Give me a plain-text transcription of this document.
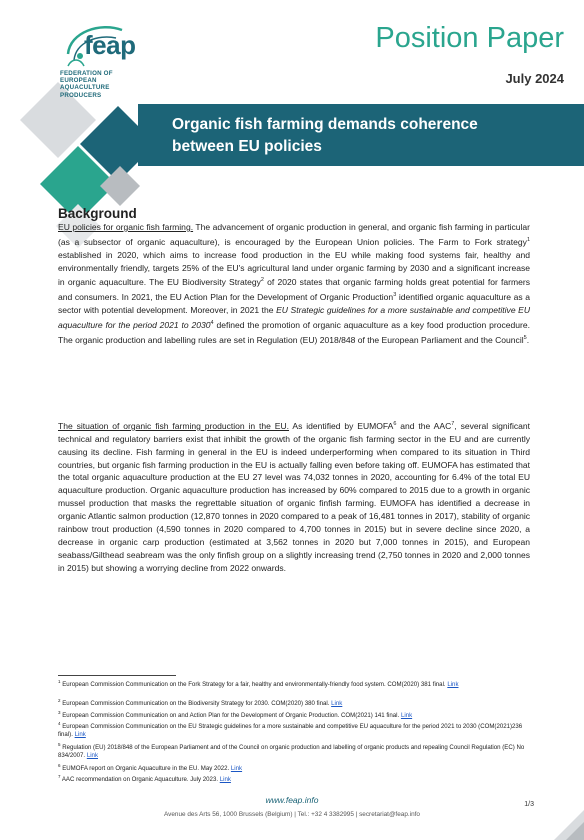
feap
FEDERATION OF
EUROPEAN
AQUACULTURE
PRODUCERS
Position Paper
July 2024
Organic fish farming demands coherence
between EU policies
Background
EU policies for organic fish farming. The advancement of organic production in general, and organic fish farming in particular (as a subsector of organic aquaculture), is encouraged by the European Union policies. The Farm to Fork strategy$^1$ established in 2020, which aims to increase food production in the EU while making food systems fair, healthy and environmentally friendly, targets 25% of the EU's agricultural land under organic farming by 2030 and a significant increase in organic aquaculture. The EU Biodiversity Strategy$^2$ of 2020 states that organic farming holds great potential for farmers and consumers. In 2021, the EU Action Plan for the Development of Organic Production$^3$ identified organic aquaculture as a sector with potential development. Moreover, in 2021 the EU Strategic guidelines for a more sustainable and competitive EU aquaculture for the period 2021 to 2030$^4$ defined the promotion of organic aquaculture as a key food production procedure. The organic production and labelling rules are set in Regulation (EU) 2018/848 of the European Parliament and the Council$^5$.
The situation of organic fish farming production in the EU. As identified by EUMOFA$^6$ and the AAC$^7$, several significant technical and regulatory barriers exist that inhibit the growth of the organic fish farming sector in the EU and are currently causing its decline. Fish farming in general in the EU is indeed underperforming when compared to its situation in Third countries, but organic fish farming production in the EU is actually falling even before taking off. EUMOFA has estimated that the total organic aquaculture production at the EU 27 level was 74,032 tonnes in 2020, accounting for 6.4% of the total EU aquaculture production. Organic aquaculture production has increased by 60% compared to 2015 due to a growth in organic mussel production that masks the regrettable situation of organic finfish farming. EUMOFA has identified a decrease in organic Atlantic salmon production (12,870 tonnes in 2020 compared to a peak of 16,481 tonnes in 2017), stability of organic rainbow trout production (4,590 tonnes in 2020 compared to 4,700 tonnes in 2015) but in severe decline since 2020, a decrease in organic carp production (estimated at 3,562 tonnes in 2020 but 7,000 tonnes in 2015), and European seabass/Gilthead seabream was the only finfish group on a slightly increasing trend (2,750 tonnes in 2020 and 2,000 tonnes in 2015) but showing a worrying decline from 2022 onwards.
$^1$ European Commission Communication on the Fork Strategy for a fair, healthy and environmentally-friendly food system. COM(2020) 381 final. Link
$^2$ European Commission Communication on the Biodiversity Strategy for 2030. COM(2020) 380 final. Link
$^3$ European Commission Communication on and Action Plan for the Development of Organic Production. COM(2021) 141 final. Link
$^4$ European Commission Communication on the EU Strategic guidelines for a more sustainable and competitive EU aquaculture for the period 2021 to 2030 (COM(2021)236 final). Link
$^5$ Regulation (EU) 2018/848 of the European Parliament and of the Council on organic production and labelling of organic products and repealing Council Regulation (EC) No 834/2007. Link
$^6$ EUMOFA report on Organic Aquaculture in the EU. May 2022. Link
$^7$ AAC recommendation on Organic Aquaculture. July 2023. Link
www.feap.info
Avenue des Arts 56, 1000 Brussels (Belgium) | Tel.: +32 4 3382995 | secretariat@feap.info
1/3
